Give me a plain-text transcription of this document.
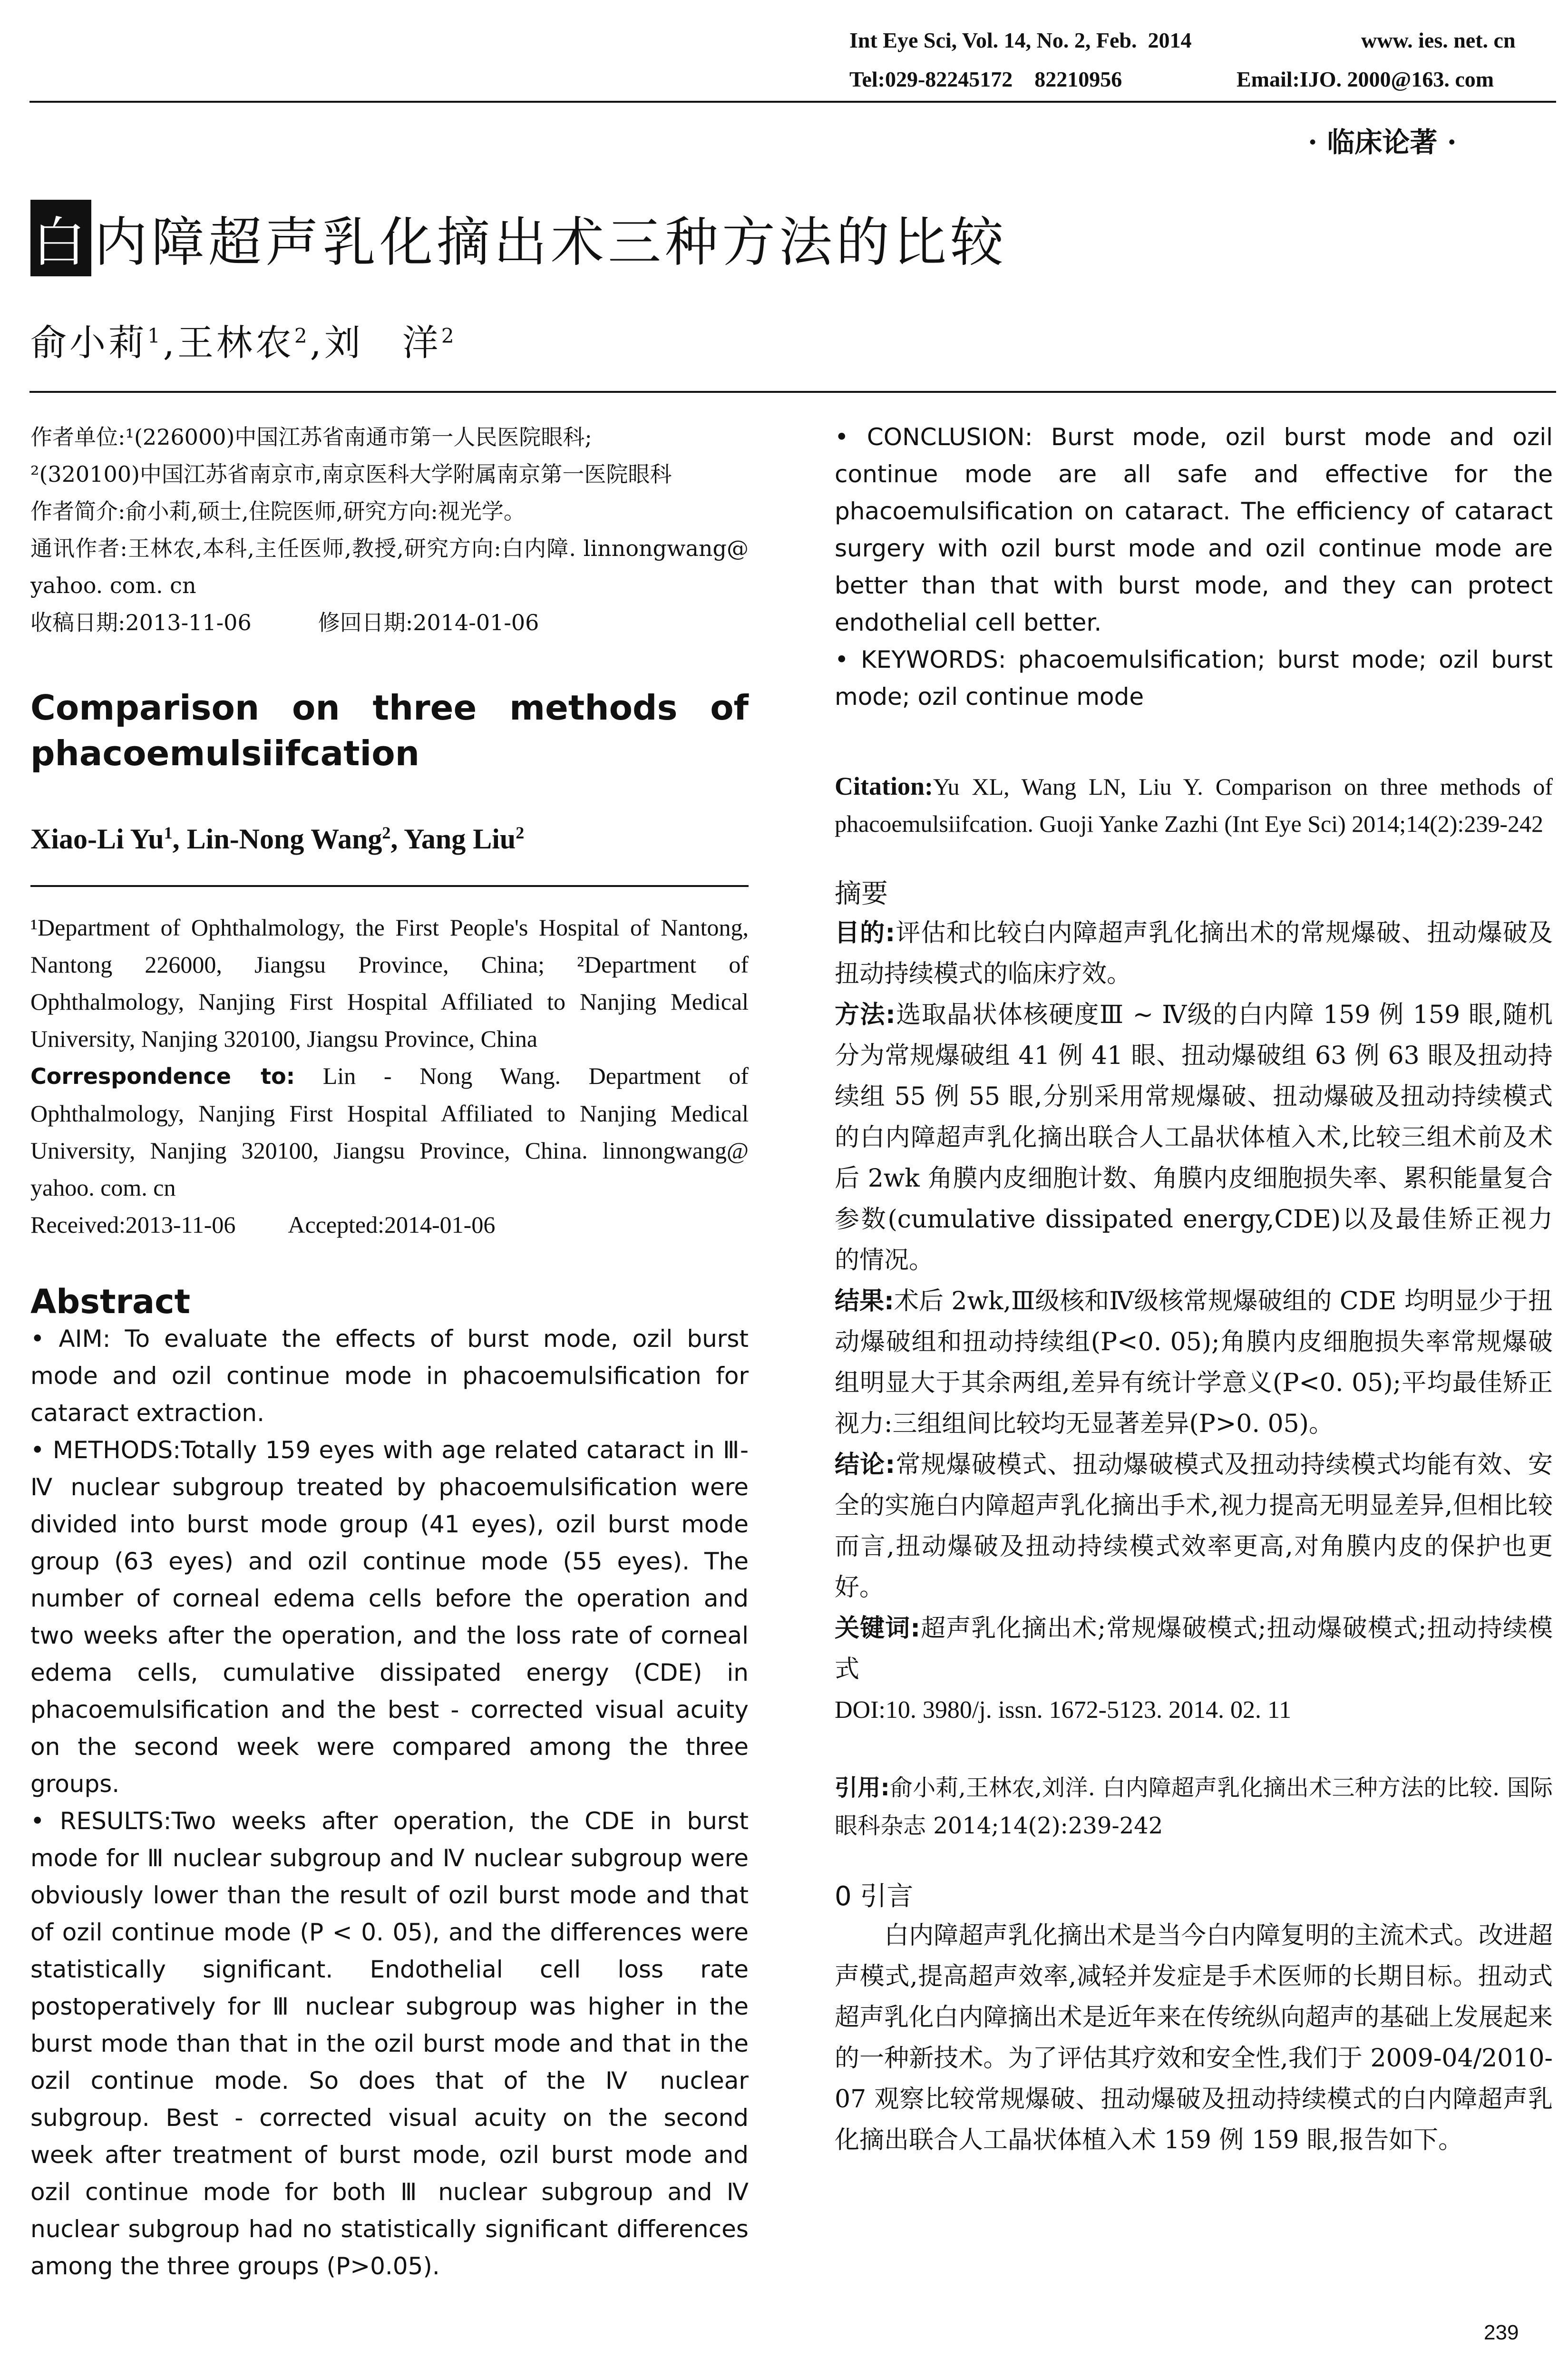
Int Eye Sci, Vol. 14, No. 2, Feb.  2014	www. ies. net. cn
Tel:029-82245172    82210956	Email:IJO. 2000@163. com
· 临床论著 ·
白内障超声乳化摘出术三种方法的比较
俞小莉$^1$,王林农$^2$,刘　洋$^2$

作者单位:¹(226000)中国江苏省南通市第一人民医院眼科;

²(320100)中国江苏省南京市,南京医科大学附属南京第一医院眼科

作者简介:俞小莉,硕士,住院医师,研究方向:视光学。

通讯作者:王林农,本科,主任医师,教授,研究方向:白内障. linnongwang@ yahoo. com. cn

收稿日期:2013-11-06	修回日期:2014-01-06

Comparison on three methods of phacoemulsiifcation
Xiao-Li Yu$^1$, Lin-Nong Wang$^2$, Yang Liu$^2$

¹Department of Ophthalmology, the First People's Hospital of Nantong, Nantong 226000, Jiangsu Province, China; ²Department of Ophthalmology, Nanjing First Hospital Affiliated to Nanjing Medical University, Nanjing 320100, Jiangsu Province, China

Correspondence to: Lin - Nong Wang. Department of Ophthalmology, Nanjing First Hospital Affiliated to Nanjing Medical University, Nanjing 320100, Jiangsu Province, China. linnongwang@ yahoo. com. cn

Received:2013-11-06 Accepted:2014-01-06

Abstract

• AIM: To evaluate the effects of burst mode, ozil burst mode and ozil continue mode in phacoemulsification for cataract extraction.

• METHODS:Totally 159 eyes with age related cataract in Ⅲ-Ⅳ nuclear subgroup treated by phacoemulsification were divided into burst mode group (41 eyes), ozil burst mode group (63 eyes) and ozil continue mode (55 eyes). The number of corneal edema cells before the operation and two weeks after the operation, and the loss rate of corneal edema cells, cumulative dissipated energy (CDE) in phacoemulsification and the best - corrected visual acuity on the second week were compared among the three groups.

• RESULTS:Two weeks after operation, the CDE in burst mode for Ⅲ nuclear subgroup and Ⅳ nuclear subgroup were obviously lower than the result of ozil burst mode and that of ozil continue mode (P < 0. 05), and the differences were statistically significant. Endothelial cell loss rate postoperatively for Ⅲ nuclear subgroup was higher in the burst mode than that in the ozil burst mode and that in the ozil continue mode. So does that of the Ⅳ nuclear subgroup. Best - corrected visual acuity on the second week after treatment of burst mode, ozil burst mode and ozil continue mode for both Ⅲ nuclear subgroup and Ⅳ nuclear subgroup had no statistically significant differences among the three groups (P>0.05).

• CONCLUSION: Burst mode, ozil burst mode and ozil continue mode are all safe and effective for the phacoemulsification on cataract. The efficiency of cataract surgery with ozil burst mode and ozil continue mode are better than that with burst mode, and they can protect endothelial cell better.

• KEYWORDS: phacoemulsification; burst mode; ozil burst mode; ozil continue mode

Citation:Yu XL, Wang LN, Liu Y. Comparison on three methods of phacoemulsiifcation. Guoji Yanke Zazhi (Int Eye Sci) 2014;14(2):239-242

摘要

目的:评估和比较白内障超声乳化摘出术的常规爆破、扭动爆破及扭动持续模式的临床疗效。

方法:选取晶状体核硬度Ⅲ ~ Ⅳ级的白内障 159 例 159 眼,随机分为常规爆破组 41 例 41 眼、扭动爆破组 63 例 63 眼及扭动持续组 55 例 55 眼,分别采用常规爆破、扭动爆破及扭动持续模式的白内障超声乳化摘出联合人工晶状体植入术,比较三组术前及术后 2wk 角膜内皮细胞计数、角膜内皮细胞损失率、累积能量复合参数(cumulative dissipated energy,CDE)以及最佳矫正视力的情况。

结果:术后 2wk,Ⅲ级核和Ⅳ级核常规爆破组的 CDE 均明显少于扭动爆破组和扭动持续组(P<0. 05);角膜内皮细胞损失率常规爆破组明显大于其余两组,差异有统计学意义(P<0. 05);平均最佳矫正视力:三组组间比较均无显著差异(P>0. 05)。

结论:常规爆破模式、扭动爆破模式及扭动持续模式均能有效、安全的实施白内障超声乳化摘出手术,视力提高无明显差异,但相比较而言,扭动爆破及扭动持续模式效率更高,对角膜内皮的保护也更好。

关键词:超声乳化摘出术;常规爆破模式;扭动爆破模式;扭动持续模式

DOI:10. 3980/j. issn. 1672-5123. 2014. 02. 11

引用:俞小莉,王林农,刘洋. 白内障超声乳化摘出术三种方法的比较. 国际眼科杂志 2014;14(2):239-242

0 引言

白内障超声乳化摘出术是当今白内障复明的主流术式。改进超声模式,提高超声效率,减轻并发症是手术医师的长期目标。扭动式超声乳化白内障摘出术是近年来在传统纵向超声的基础上发展起来的一种新技术。为了评估其疗效和安全性,我们于 2009-04/2010-07 观察比较常规爆破、扭动爆破及扭动持续模式的白内障超声乳化摘出联合人工晶状体植入术 159 例 159 眼,报告如下。

239
